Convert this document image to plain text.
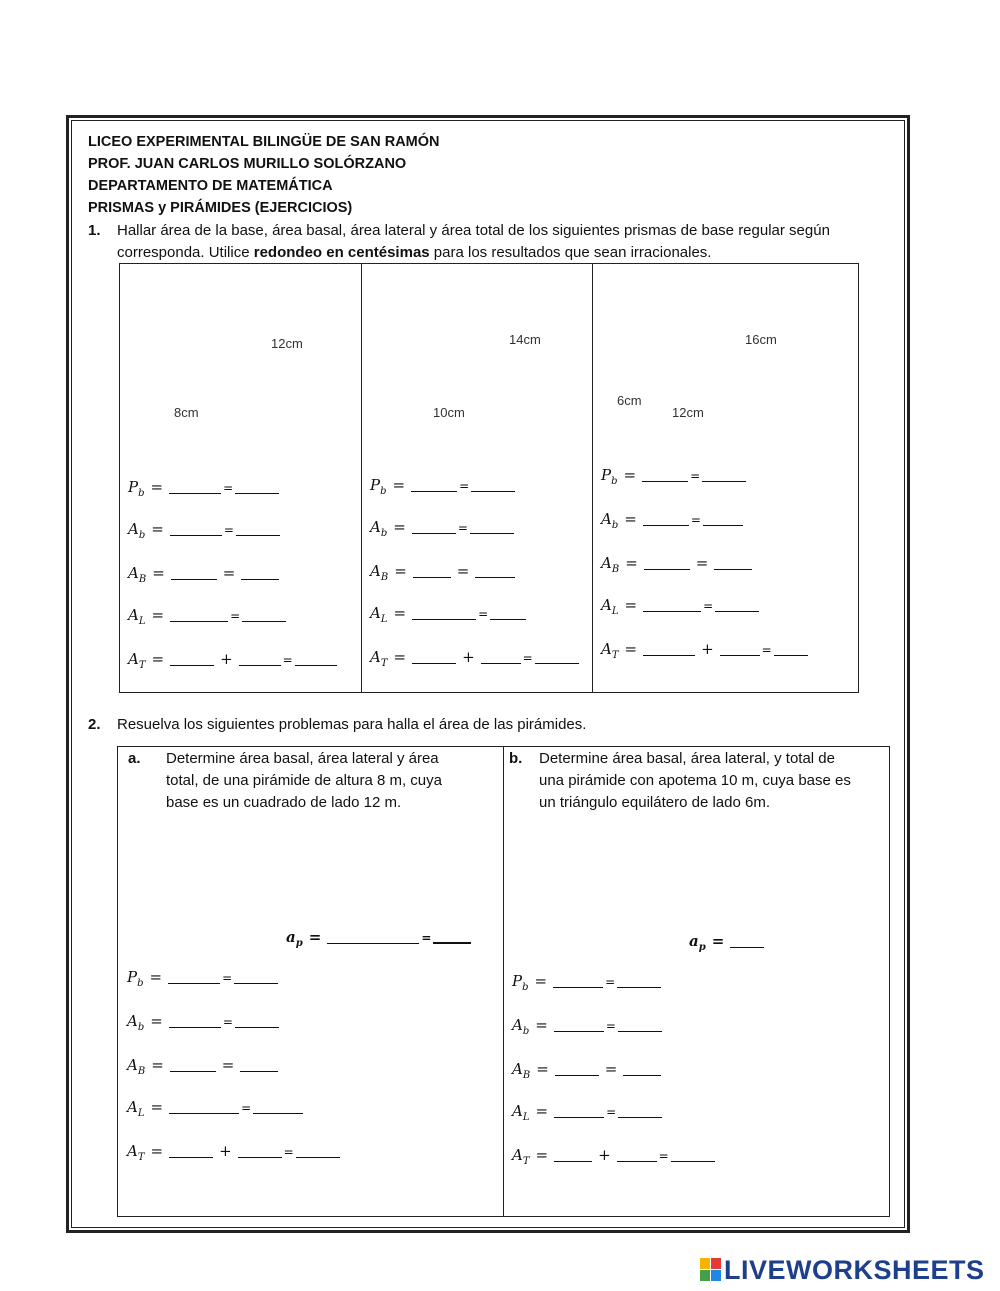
LICEO EXPERIMENTAL BILINGÜE DE SAN RAMÓN
PROF. JUAN CARLOS MURILLO SOLÓRZANO
DEPARTAMENTO DE MATEMÁTICA
PRISMAS y PIRÁMIDES (EJERCICIOS)
1. Hallar área de la base, área basal, área lateral y área total de los siguientes prismas de base regular según corresponda. Utilice redondeo en centésimas para los resultados que sean irracionales.
12cm
8cm
14cm
10cm
16cm
6cm
12cm
$P_b$ =	=
$A_b$ =	=
$A_B$ =	=
$A_L$ =	=
$A_T$ =	+	=
$P_b$ =	=
$A_b$ =	=
$A_B$ =	=
$A_L$ =	=
$A_T$ =	+	=
$P_b$ =	=
$A_b$ =	=
$A_B$ =	=
$A_L$ =	=
$A_T$ =	+	=
2. Resuelva los siguientes problemas para halla el área de las pirámides.
a. Determine área basal, área lateral y área
total, de una pirámide de altura 8 m, cuya
base es un cuadrado de lado 12 m.
b. Determine área basal, área lateral, y total de
una pirámide con apotema 10 m, cuya base es
un triángulo equilátero de lado 6m.
$a_p$ =	=	$a_p$ =
$P_b$ =	=
$A_b$ =	=
$A_B$ =	=
$A_L$ =	=
$A_T$ =	+	=
$P_b$ =	=
$A_b$ =	=
$A_B$ =	=
$A_L$ =	=
$A_T$ =	+	=
LIVEWORKSHEETS
